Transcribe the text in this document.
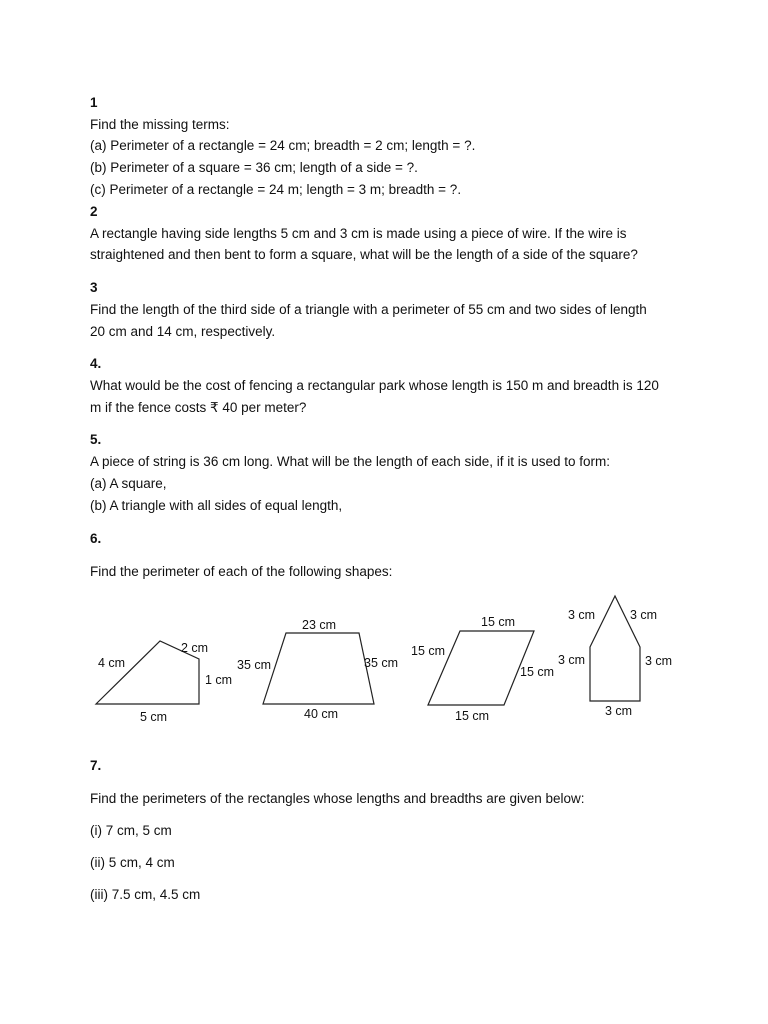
1
Find the missing terms:
(a) Perimeter of a rectangle = 24 cm; breadth = 2 cm; length = ?.
(b) Perimeter of a square = 36 cm; length of a side = ?.
(c) Perimeter of a rectangle = 24 m; length = 3 m; breadth = ?.
2
A rectangle having side lengths 5 cm and 3 cm is made using a piece of wire. If the wire is
straightened and then bent to form a square, what will be the length of a side of the square?
3
Find the length of the third side of a triangle with a perimeter of 55 cm and two sides of length
20 cm and 14 cm, respectively.
4.
What would be the cost of fencing a rectangular park whose length is 150 m and breadth is 120
m if the fence costs ₹ 40 per meter?
5.
A piece of string is 36 cm long. What will be the length of each side, if it is used to form:
(a) A square,
(b) A triangle with all sides of equal length,
6.
Find the perimeter of each of the following shapes:
4 cm
2 cm
1 cm
5 cm
23 cm
35 cm	35 cm
40 cm
15 cm
15 cm
15 cm
15 cm
3 cm	3 cm
3 cm	3 cm
3 cm
7.
Find the perimeters of the rectangles whose lengths and breadths are given below:
(i) 7 cm, 5 cm
(ii) 5 cm, 4 cm
(iii) 7.5 cm, 4.5 cm
